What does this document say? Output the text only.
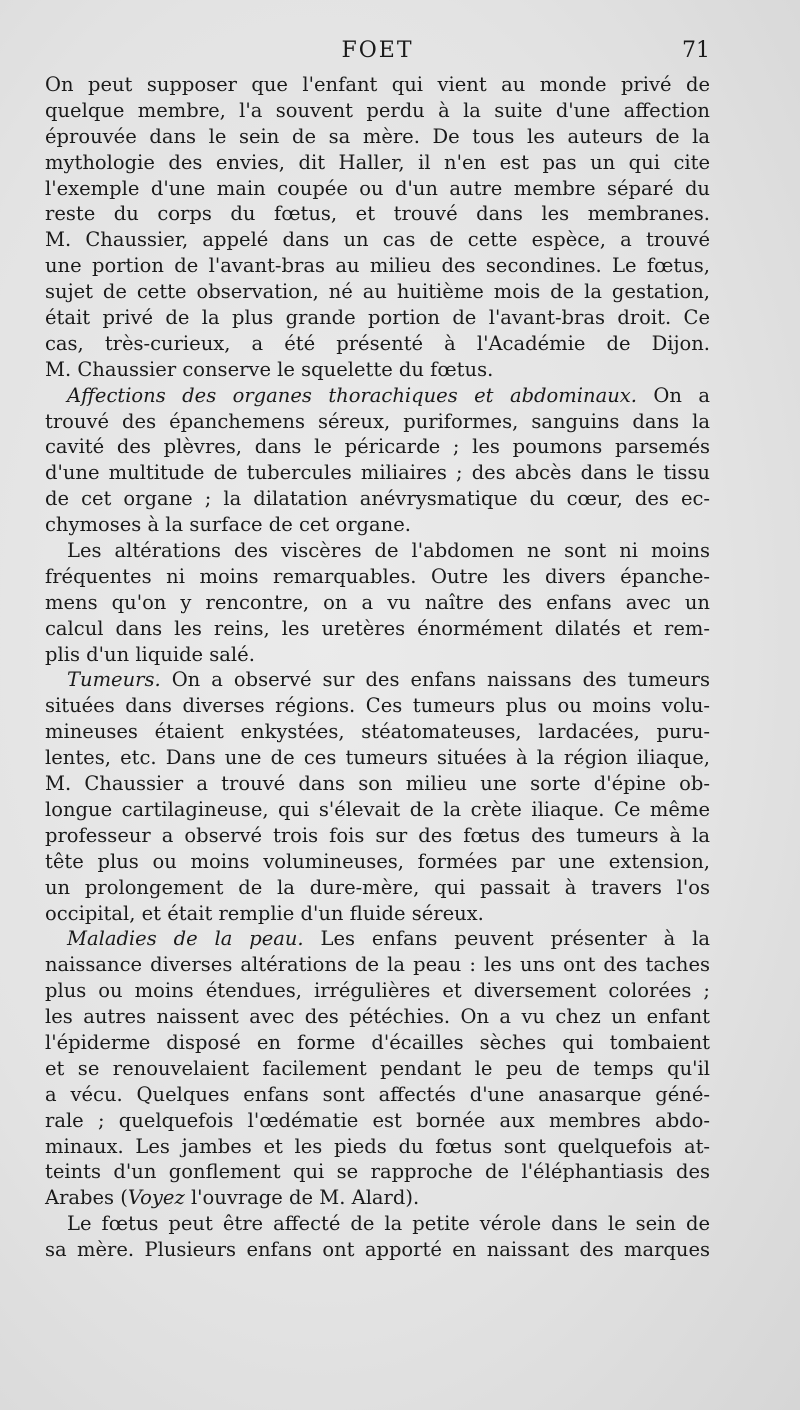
FOET	71
On peut supposer que l'enfant qui vient au monde privé de
quelque membre, l'a souvent perdu à la suite d'une affection
éprouvée dans le sein de sa mère. De tous les auteurs de la
mythologie des envies, dit Haller, il n'en est pas un qui cite
l'exemple d'une main coupée ou d'un autre membre séparé du
reste du corps du fœtus, et trouvé dans les membranes.
M. Chaussier, appelé dans un cas de cette espèce, a trouvé
une portion de l'avant-bras au milieu des secondines. Le fœtus,
sujet de cette observation, né au huitième mois de la gestation,
était privé de la plus grande portion de l'avant-bras droit. Ce
cas, très-curieux, a été présenté à l'Académie de Dijon.
M. Chaussier conserve le squelette du fœtus.
Affections des organes thorachiques et abdominaux. On a
trouvé des épanchemens séreux, puriformes, sanguins dans la
cavité des plèvres, dans le péricarde ; les poumons parsemés
d'une multitude de tubercules miliaires ; des abcès dans le tissu
de cet organe ; la dilatation anévrysmatique du cœur, des ec-
chymoses à la surface de cet organe.
Les altérations des viscères de l'abdomen ne sont ni moins
fréquentes ni moins remarquables. Outre les divers épanche-
mens qu'on y rencontre, on a vu naître des enfans avec un
calcul dans les reins, les uretères énormément dilatés et rem-
plis d'un liquide salé.
Tumeurs. On a observé sur des enfans naissans des tumeurs
situées dans diverses régions. Ces tumeurs plus ou moins volu-
mineuses étaient enkystées, stéatomateuses, lardacées, puru-
lentes, etc. Dans une de ces tumeurs situées à la région iliaque,
M. Chaussier a trouvé dans son milieu une sorte d'épine ob-
longue cartilagineuse, qui s'élevait de la crète iliaque. Ce même
professeur a observé trois fois sur des fœtus des tumeurs à la
tête plus ou moins volumineuses, formées par une extension,
un prolongement de la dure-mère, qui passait à travers l'os
occipital, et était remplie d'un fluide séreux.
Maladies de la peau. Les enfans peuvent présenter à la
naissance diverses altérations de la peau : les uns ont des taches
plus ou moins étendues, irrégulières et diversement colorées ;
les autres naissent avec des pétéchies. On a vu chez un enfant
l'épiderme disposé en forme d'écailles sèches qui tombaient
et se renouvelaient facilement pendant le peu de temps qu'il
a vécu. Quelques enfans sont affectés d'une anasarque géné-
rale ; quelquefois l'œdématie est bornée aux membres abdo-
minaux. Les jambes et les pieds du fœtus sont quelquefois at-
teints d'un gonflement qui se rapproche de l'éléphantiasis des
Arabes (Voyez l'ouvrage de M. Alard).
Le fœtus peut être affecté de la petite vérole dans le sein de
sa mère. Plusieurs enfans ont apporté en naissant des marques
